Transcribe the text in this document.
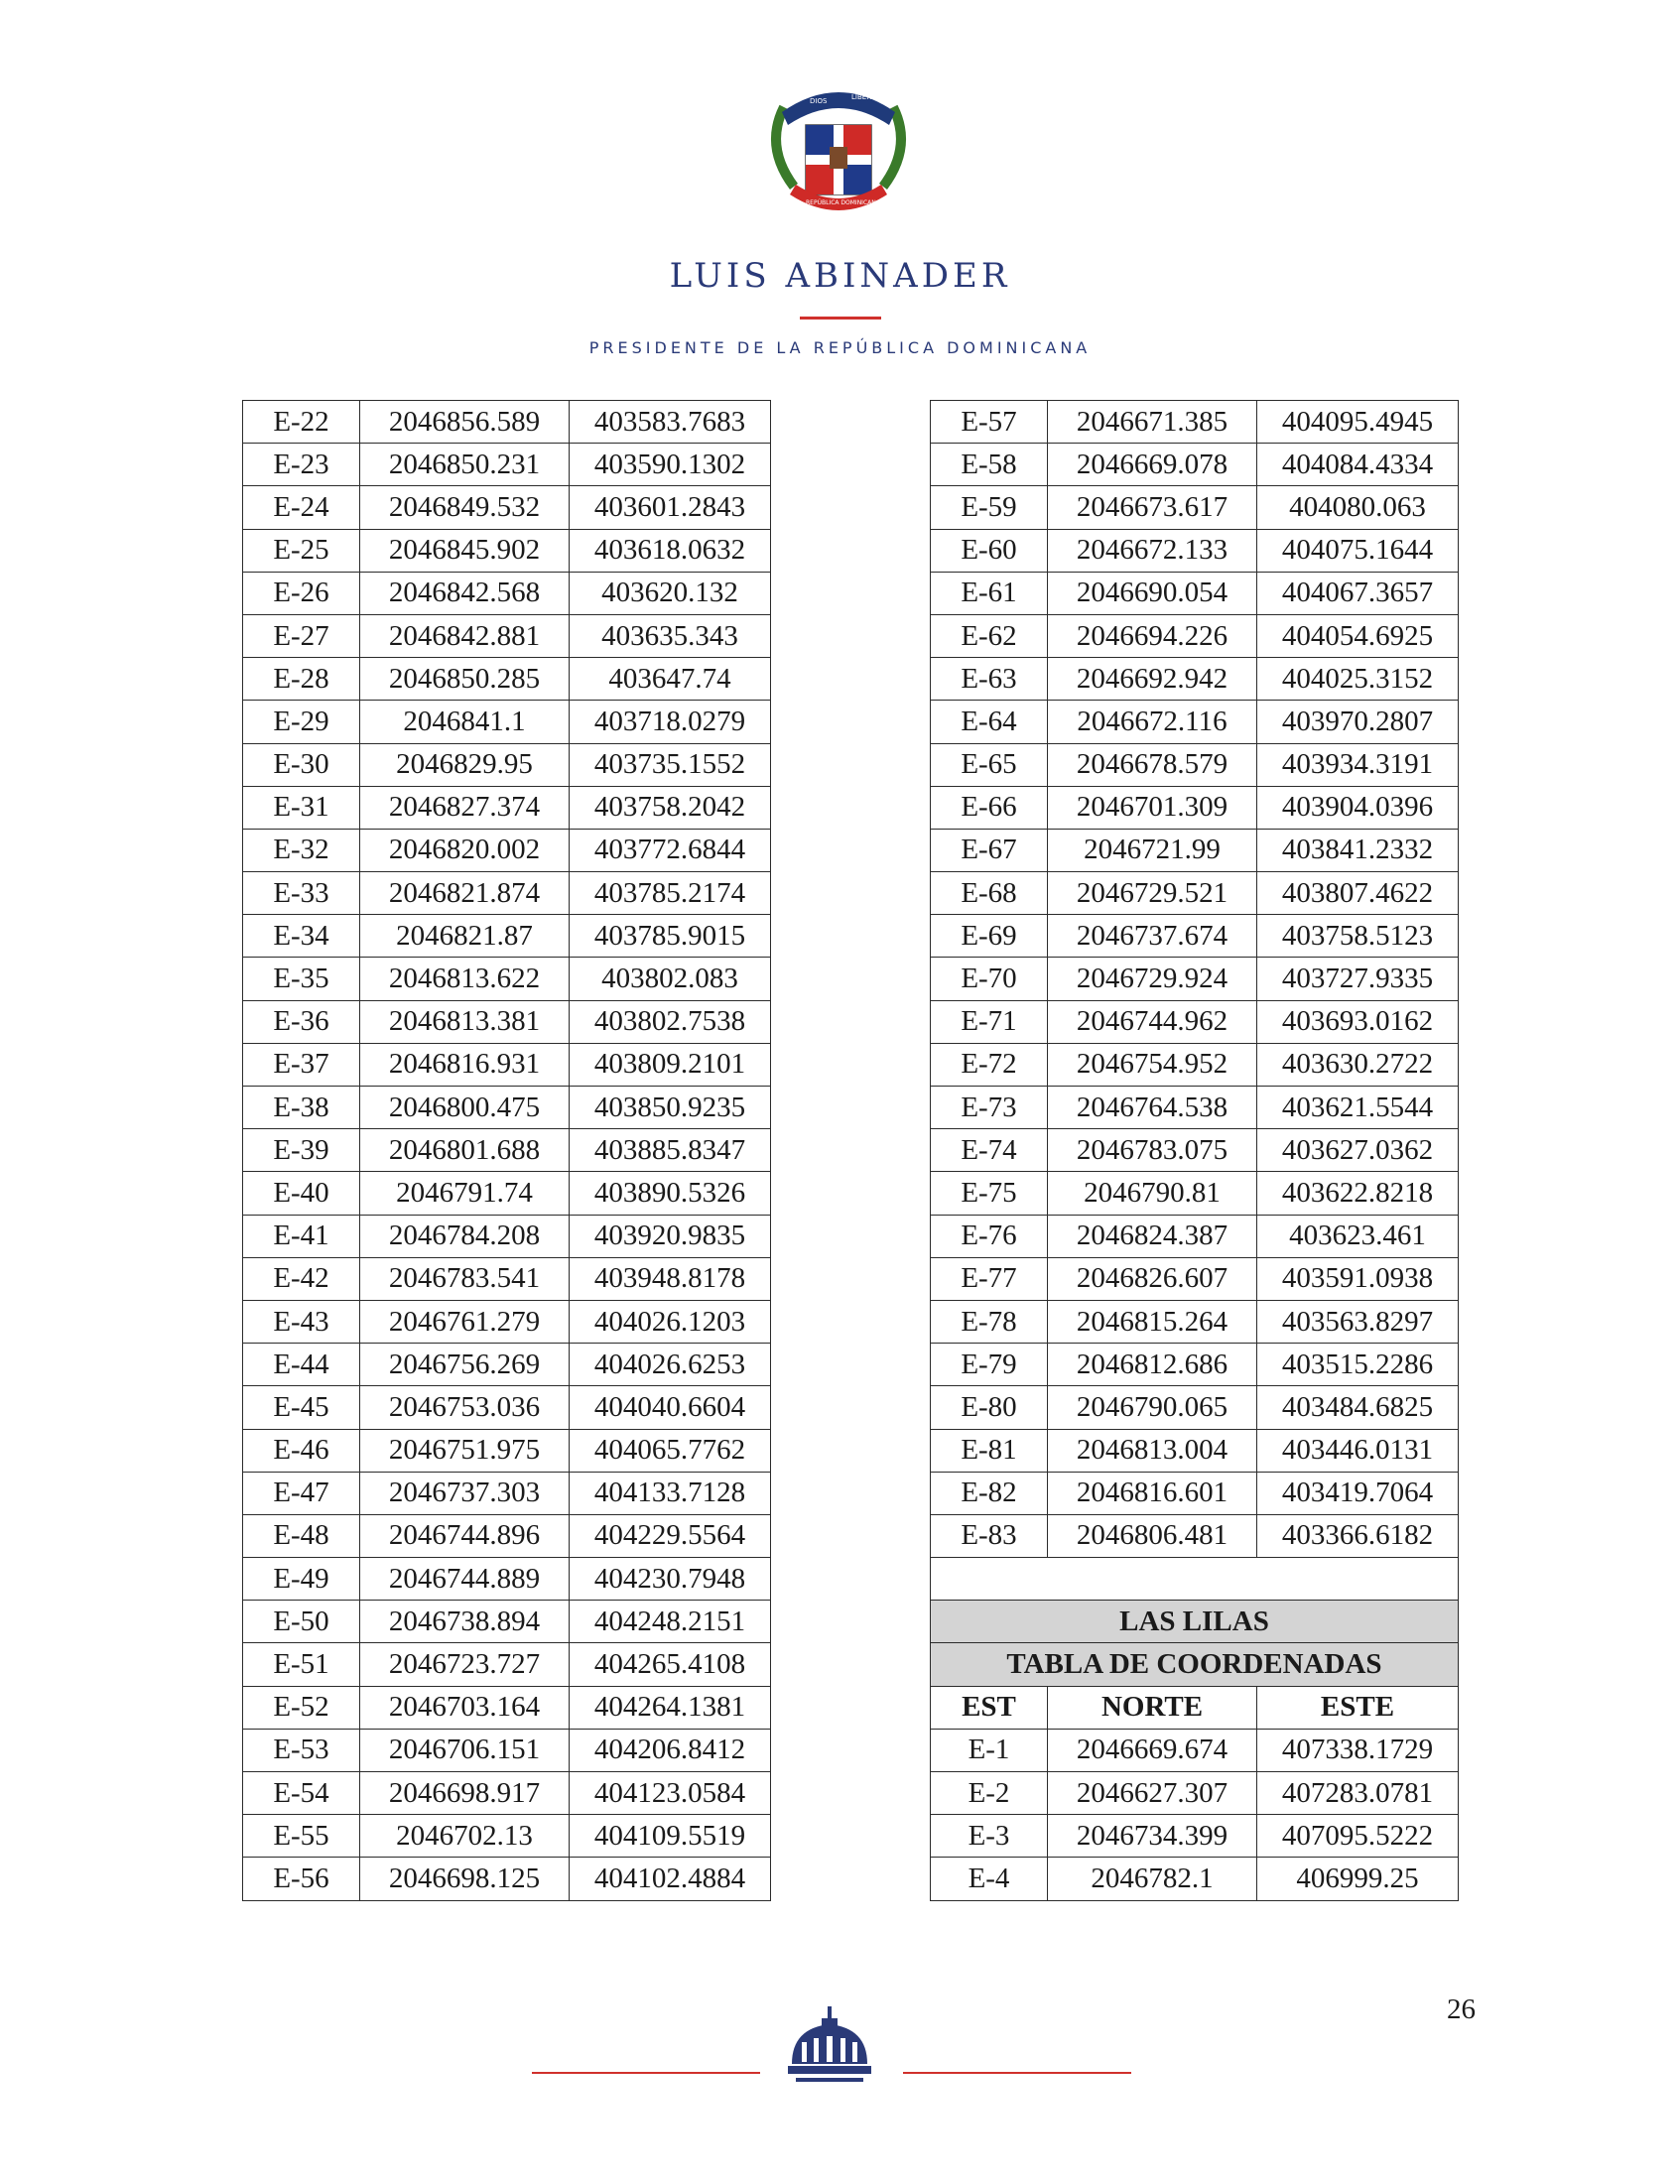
DIOS
PATRIA
LIBERTAD
REPÚBLICA DOMINICANA
LUIS ABINADER
PRESIDENTE DE LA REPÚBLICA DOMINICANA
E-22	2046856.589	403583.7683
E-23	2046850.231	403590.1302
E-24	2046849.532	403601.2843
E-25	2046845.902	403618.0632
E-26	2046842.568	403620.132
E-27	2046842.881	403635.343
E-28	2046850.285	403647.74
E-29	2046841.1	403718.0279
E-30	2046829.95	403735.1552
E-31	2046827.374	403758.2042
E-32	2046820.002	403772.6844
E-33	2046821.874	403785.2174
E-34	2046821.87	403785.9015
E-35	2046813.622	403802.083
E-36	2046813.381	403802.7538
E-37	2046816.931	403809.2101
E-38	2046800.475	403850.9235
E-39	2046801.688	403885.8347
E-40	2046791.74	403890.5326
E-41	2046784.208	403920.9835
E-42	2046783.541	403948.8178
E-43	2046761.279	404026.1203
E-44	2046756.269	404026.6253
E-45	2046753.036	404040.6604
E-46	2046751.975	404065.7762
E-47	2046737.303	404133.7128
E-48	2046744.896	404229.5564
E-49	2046744.889	404230.7948
E-50	2046738.894	404248.2151
E-51	2046723.727	404265.4108
E-52	2046703.164	404264.1381
E-53	2046706.151	404206.8412
E-54	2046698.917	404123.0584
E-55	2046702.13	404109.5519
E-56	2046698.125	404102.4884
E-57	2046671.385	404095.4945
E-58	2046669.078	404084.4334
E-59	2046673.617	404080.063
E-60	2046672.133	404075.1644
E-61	2046690.054	404067.3657
E-62	2046694.226	404054.6925
E-63	2046692.942	404025.3152
E-64	2046672.116	403970.2807
E-65	2046678.579	403934.3191
E-66	2046701.309	403904.0396
E-67	2046721.99	403841.2332
E-68	2046729.521	403807.4622
E-69	2046737.674	403758.5123
E-70	2046729.924	403727.9335
E-71	2046744.962	403693.0162
E-72	2046754.952	403630.2722
E-73	2046764.538	403621.5544
E-74	2046783.075	403627.0362
E-75	2046790.81	403622.8218
E-76	2046824.387	403623.461
E-77	2046826.607	403591.0938
E-78	2046815.264	403563.8297
E-79	2046812.686	403515.2286
E-80	2046790.065	403484.6825
E-81	2046813.004	403446.0131
E-82	2046816.601	403419.7064
E-83	2046806.481	403366.6182

LAS LILAS		
TABLA DE COORDENADAS		
EST	NORTE	ESTE
E-1	2046669.674	407338.1729
E-2	2046627.307	407283.0781
E-3	2046734.399	407095.5222
E-4	2046782.1	406999.25
26
